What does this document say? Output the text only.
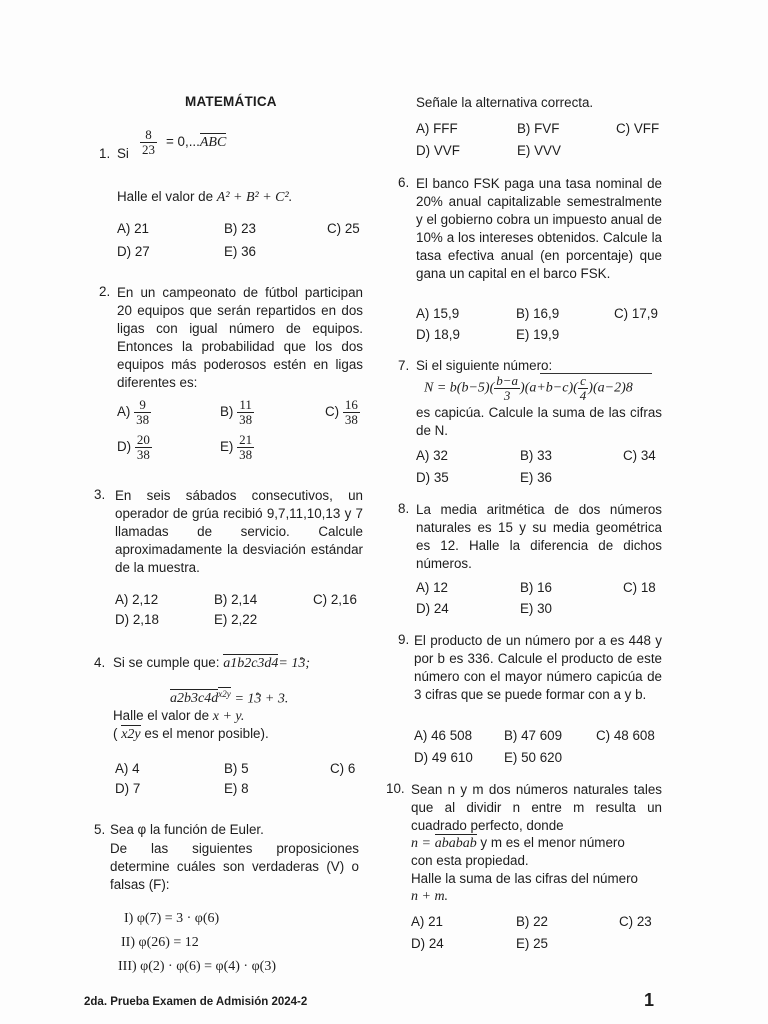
MATEMÁTICA
1. Si $\frac{8}{23} = 0,...ABC$
Halle el valor de A² + B² + C².
A) 21	B) 23	C) 25
D) 27	E) 36
2. En un campeonato de fútbol participan 20 equipos que serán repartidos en dos ligas con igual número de equipos. Entonces la probabilidad que los dos equipos más poderosos estén en ligas diferentes es:
$A) \frac{9}{38}$	$B) \frac{11}{38}$	$C) \frac{16}{38}$
$D) \frac{20}{38}$	$E) \frac{21}{38}$
3. En seis sábados consecutivos, un operador de grúa recibió 9,7,11,10,13 y 7 llamadas de servicio. Calcule aproximadamente la desviación estándar de la muestra.
A) 2,12	B) 2,14	C) 2,16
D) 2,18	E) 2,22
4. Si se cumple que: a1b2c3d4= 1̊3;
$a2b3c4d^{x2y}$ = 1̊3 + 3.
Halle el valor de x + y.
( x2y es el menor posible).
A) 4	B) 5	C) 6
D) 7	E) 8
5. Sea φ la función de Euler.
De las siguientes proposiciones determine cuáles son verdaderas (V) o falsas (F):
I) φ(7) = 3 · φ(6)
II) φ(26) = 12
III) φ(2) · φ(6) = φ(4) · φ(3)
Señale la alternativa correcta.
A) FFF	B) FVF	C) VFF
D) VVF	E) VVV
6. El banco FSK paga una tasa nominal de 20% anual capitalizable semestralmente y el gobierno cobra un impuesto anual de 10% a los intereses obtenidos. Calcule la tasa efectiva anual (en porcentaje) que gana un capital en el barco FSK.
A) 15,9	B) 16,9	C) 17,9
D) 18,9	E) 19,9
7. Si el siguiente número:
$N = b(b-5)( \frac{b-a}{3} )(a+b-c)( \frac{c}{4} )(a-2)8$
es capicúa. Calcule la suma de las cifras de N.
A) 32	B) 33	C) 34
D) 35	E) 36
8. La media aritmética de dos números naturales es 15 y su media geométrica es 12. Halle la diferencia de dichos números.
A) 12	B) 16	C) 18
D) 24	E) 30
9. El producto de un número por a es 448 y por b es 336. Calcule el producto de este número con el mayor número capicúa de 3 cifras que se puede formar con a y b.
A) 46 508 B) 47 609	C) 48 608
D) 49 610 E) 50 620
10. Sean n y m dos números naturales tales que al dividir n entre m resulta un cuadrado perfecto, donde
n = ababab y m es el menor número
con esta propiedad.
Halle la suma de las cifras del número
n + m.
A) 21	B) 22	C) 23
D) 24	E) 25
2da. Prueba Examen de Admisión 2024-2	1
